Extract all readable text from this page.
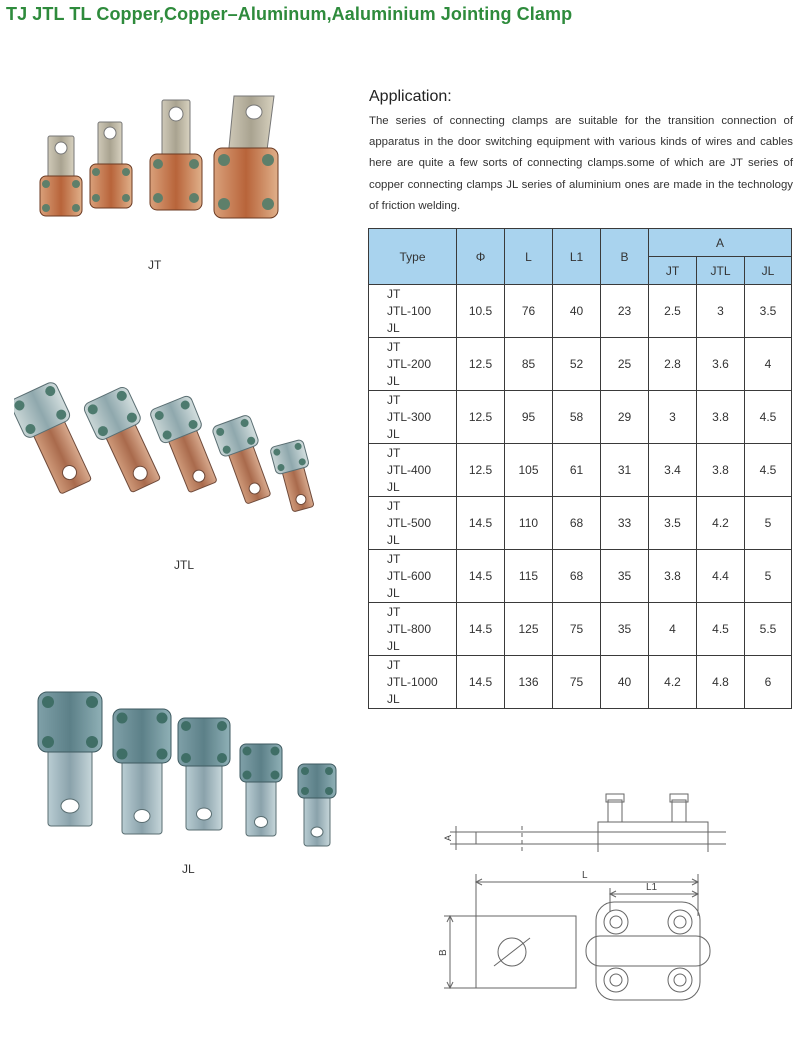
TJ JTL TL Copper,Copper–Aluminum,Aaluminium Jointing Clamp
JT
JTL
JL
Application:

The series of connecting clamps are suitable for the transition connection of apparatus in the door switching equipment with various kinds of wires and cables here are quite a few sorts of connecting clamps.some of which are JT series of copper connecting clamps JL series of aluminium ones are made in the technology of friction welding.

Type	Φ	L	L1	B	A		
					JT	JTL	JL
JT
JTL-100
JL	10.5	76	40	23	2.5	3	3.5
JT
JTL-200
JL	12.5	85	52	25	2.8	3.6	4
JT
JTL-300
JL	12.5	95	58	29	3	3.8	4.5
JT
JTL-400
JL	12.5	105	61	31	3.4	3.8	4.5
JT
JTL-500
JL	14.5	110	68	33	3.5	4.2	5
JT
JTL-600
JL	14.5	115	68	35	3.8	4.4	5
JT
JTL-800
JL	14.5	125	75	35	4	4.5	5.5
JT
JTL-1000
JL	14.5	136	75	40	4.2	4.8	6
A
L
L1
B
